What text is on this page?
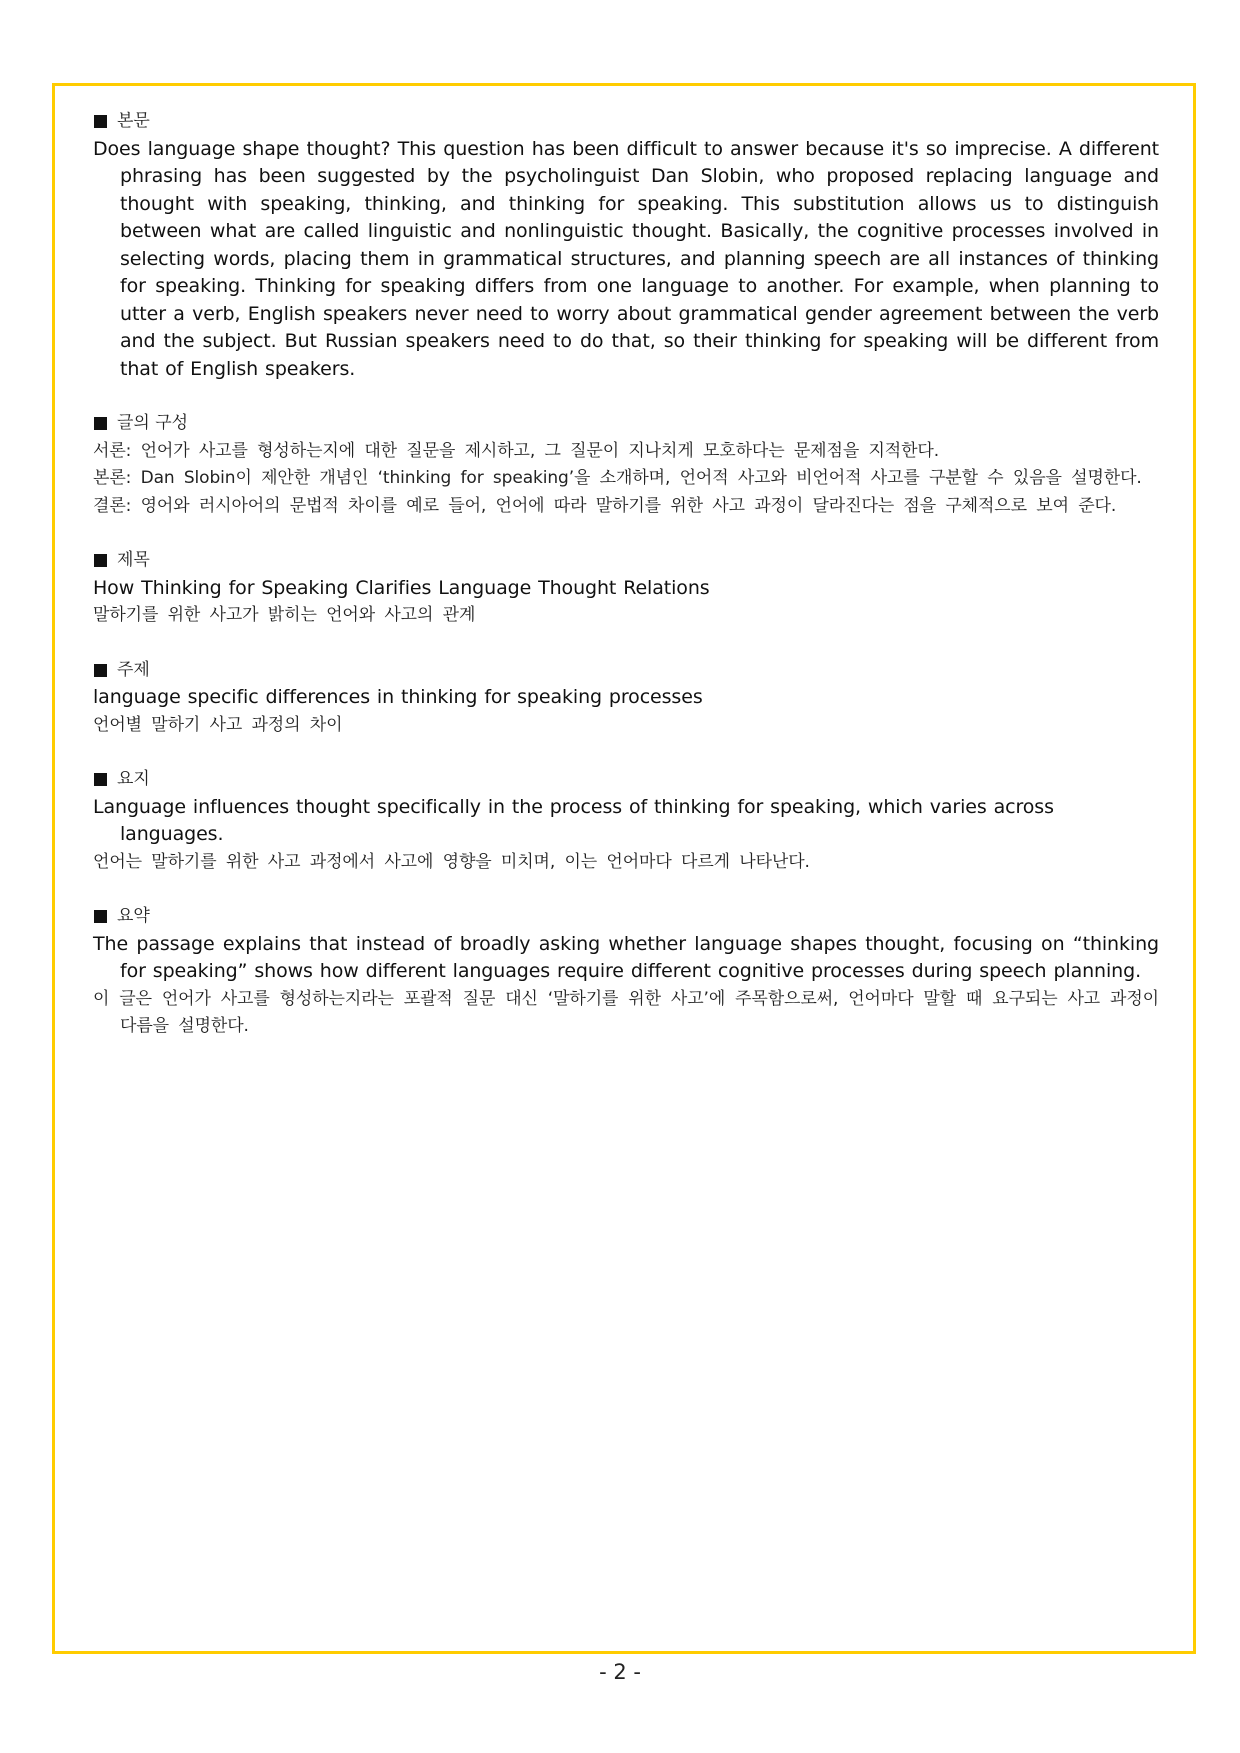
본문

Does language shape thought? This question has been difficult to answer because it's so imprecise. A different phrasing has been suggested by the psycholinguist Dan Slobin, who proposed replacing language and thought with speaking, thinking, and thinking for speaking. This substitution allows us to distinguish between what are called linguistic and nonlinguistic thought. Basically, the cognitive processes involved in selecting words, placing them in grammatical structures, and planning speech are all instances of thinking for speaking. Thinking for speaking differs from one language to another. For example, when planning to utter a verb, English speakers never need to worry about grammatical gender agreement between the verb and the subject. But Russian speakers need to do that, so their thinking for speaking will be different from that of English speakers.

글의 구성

서론: 언어가 사고를 형성하는지에 대한 질문을 제시하고, 그 질문이 지나치게 모호하다는 문제점을 지적한다.

본론: Dan Slobin이 제안한 개념인 ‘thinking for speaking’을 소개하며, 언어적 사고와 비언어적 사고를 구분할 수 있음을 설명한다.

결론: 영어와 러시아어의 문법적 차이를 예로 들어, 언어에 따라 말하기를 위한 사고 과정이 달라진다는 점을 구체적으로 보여 준다.

제목

How Thinking for Speaking Clarifies Language Thought Relations

말하기를 위한 사고가 밝히는 언어와 사고의 관계

주제

language specific differences in thinking for speaking processes

언어별 말하기 사고 과정의 차이

요지

Language influences thought specifically in the process of thinking for speaking, which varies across languages.

언어는 말하기를 위한 사고 과정에서 사고에 영향을 미치며, 이는 언어마다 다르게 나타난다.

요약

The passage explains that instead of broadly asking whether language shapes thought, focusing on “thinking for speaking” shows how different languages require different cognitive processes during speech planning.

이 글은 언어가 사고를 형성하는지라는 포괄적 질문 대신 ‘말하기를 위한 사고’에 주목함으로써, 언어마다 말할 때 요구되는 사고 과정이 다름을 설명한다.

- 2 -
